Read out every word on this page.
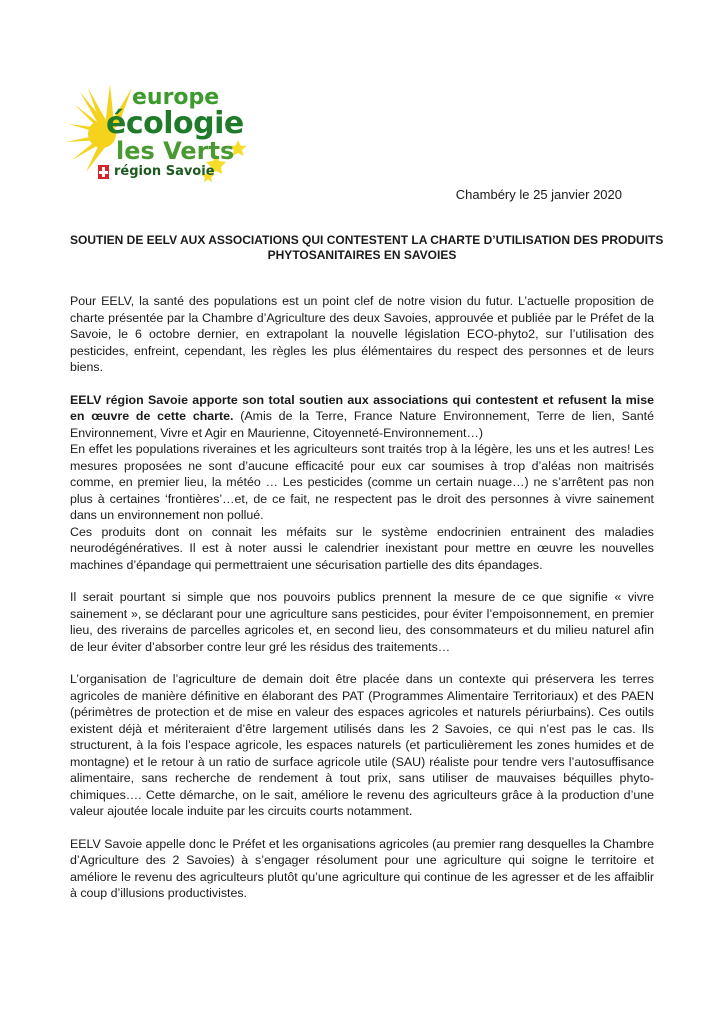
europe
écologie
les Verts
région Savoie
Chambéry le 25 janvier 2020
SOUTIEN DE EELV AUX ASSOCIATIONS QUI CONTESTENT LA CHARTE D’UTILISATION DES PRODUITS
PHYTOSANITAIRES EN SAVOIES

Pour EELV, la santé des populations est un point clef de notre vision du futur. L’actuelle proposition de charte présentée par la Chambre d’Agriculture des deux Savoies, approuvée et publiée par le Préfet de la Savoie, le 6 octobre dernier, en extrapolant la nouvelle législation ECO-phyto2, sur l’utilisation des pesticides, enfreint, cependant, les règles les plus élémentaires du respect des personnes et de leurs biens.

EELV région Savoie apporte son total soutien aux associations qui contestent et refusent la mise en œuvre de cette charte. (Amis de la Terre, France Nature Environnement, Terre de lien, Santé Environnement, Vivre et Agir en Maurienne, Citoyenneté-Environnement…)

En effet les populations riveraines et les agriculteurs sont traités trop à la légère, les uns et les autres! Les mesures proposées ne sont d’aucune efficacité pour eux car soumises à trop d’aléas non maitrisés comme, en premier lieu, la météo … Les pesticides (comme un certain nuage…) ne s’arrêtent pas non plus à certaines ‘frontières’…et, de ce fait, ne respectent pas le droit des personnes à vivre sainement dans un environnement non pollué.

Ces produits dont on connait les méfaits sur le système endocrinien entrainent des maladies neurodégénératives. Il est à noter aussi le calendrier inexistant pour mettre en œuvre les nouvelles machines d’épandage qui permettraient une sécurisation partielle des dits épandages.

Il serait pourtant si simple que nos pouvoirs publics prennent la mesure de ce que signifie « vivre sainement », se déclarant pour une agriculture sans pesticides, pour éviter l’empoisonnement, en premier lieu, des riverains de parcelles agricoles et, en second lieu, des consommateurs et du milieu naturel afin de leur éviter d’absorber contre leur gré les résidus des traitements…

L’organisation de l’agriculture de demain doit être placée dans un contexte qui préservera les terres agricoles de manière définitive en élaborant des PAT (Programmes Alimentaire Territoriaux) et des PAEN (périmètres de protection et de mise en valeur des espaces agricoles et naturels périurbains). Ces outils existent déjà et mériteraient d’être largement utilisés dans les 2 Savoies, ce qui n’est pas le cas. Ils structurent, à la fois l’espace agricole, les espaces naturels (et particulièrement les zones humides et de montagne) et le retour à un ratio de surface agricole utile (SAU) réaliste pour tendre vers l’autosuffisance alimentaire, sans recherche de rendement à tout prix, sans utiliser de mauvaises béquilles phyto-chimiques…. Cette démarche, on le sait, améliore le revenu des agriculteurs grâce à la production d’une valeur ajoutée locale induite par les circuits courts notamment.

EELV Savoie appelle donc le Préfet et les organisations agricoles (au premier rang desquelles la Chambre d’Agriculture des 2 Savoies) à s’engager résolument pour une agriculture qui soigne le territoire et améliore le revenu des agriculteurs plutôt qu’une agriculture qui continue de les agresser et de les affaiblir à coup d’illusions productivistes.
